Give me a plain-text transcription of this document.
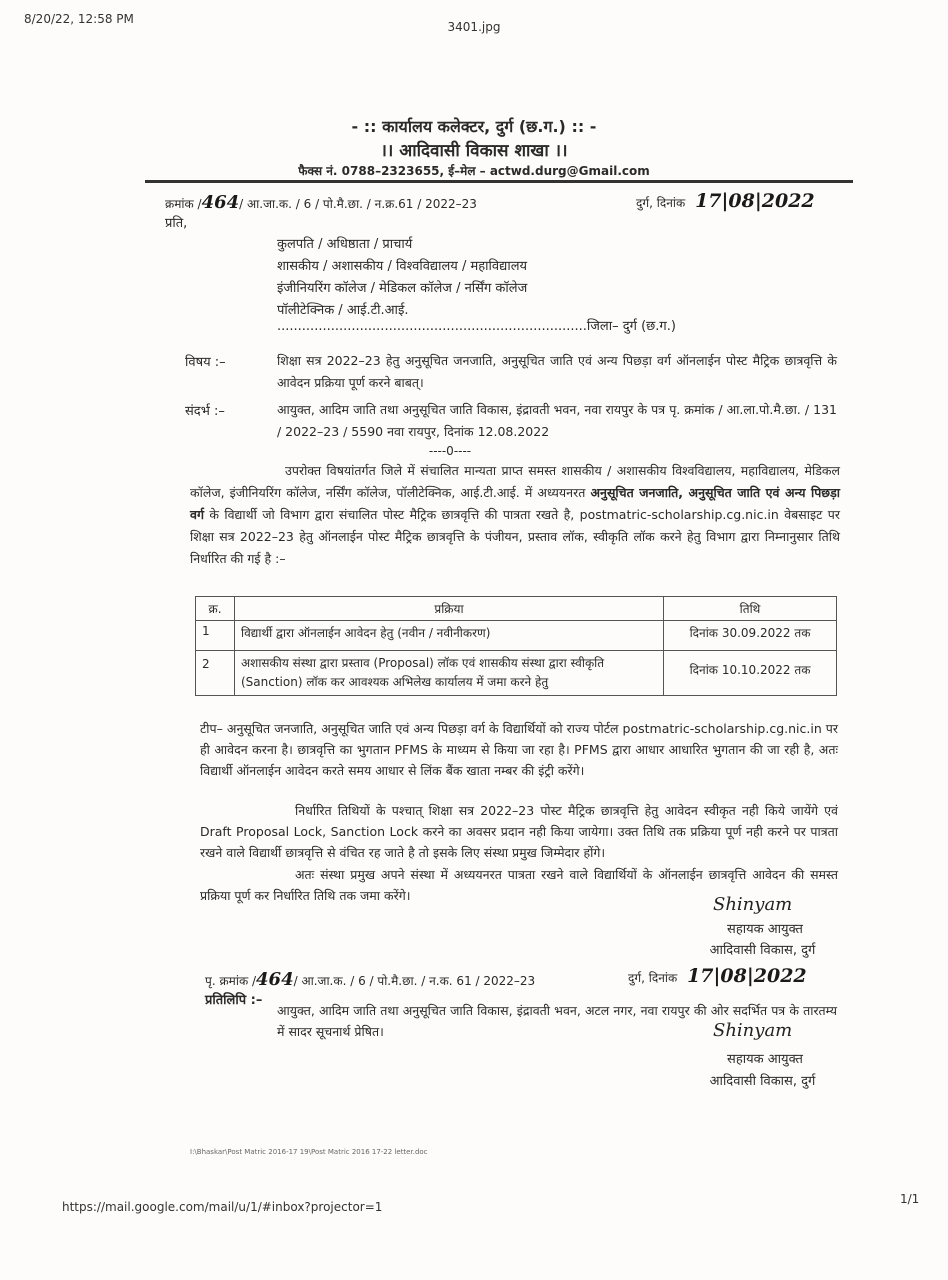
8/20/22, 12:58 PM
3401.jpg
- :: कार्यालय कलेक्टर, दुर्ग (छ.ग.) :: -
।। आदिवासी विकास शाखा ।।
फैक्स नं. 0788–2323655, ई–मेल – actwd.durg@Gmail.com
क्रमांक /464/ आ.जा.क. / 6 / पो.मै.छा. / न.क्र.61 / 2022–23	दुर्ग, दिनांक 17|08|2022
प्रति,
कुलपति / अधिष्ठाता / प्राचार्य
शासकीय / अशासकीय / विश्वविद्यालय / महाविद्यालय
इंजीनियरिंग कॉलेज / मेडिकल कॉलेज / नर्सिंग कॉलेज
पॉलीटेक्निक / आई.टी.आई.
...........................................................................जिला– दुर्ग (छ.ग.)
विषय :–	शिक्षा सत्र 2022–23 हेतु अनुसूचित जनजाति, अनुसूचित जाति एवं अन्य पिछड़ा वर्ग ऑनलाईन पोस्ट मैट्रिक छात्रवृत्ति के आवेदन प्रक्रिया पूर्ण करने बाबत्।
संदर्भ :–	आयुक्त, आदिम जाति तथा अनुसूचित जाति विकास, इंद्रावती भवन, नवा रायपुर के पत्र पृ. क्रमांक / आ.ला.पो.मै.छा. / 131 / 2022–23 / 5590 नवा रायपुर, दिनांक 12.08.2022
----0----
उपरोक्त विषयांतर्गत जिले में संचालित मान्यता प्राप्त समस्त शासकीय / अशासकीय विश्वविद्यालय, महाविद्यालय, मेडिकल कॉलेज, इंजीनियरिंग कॉलेज, नर्सिंग कॉलेज, पॉलीटेक्निक, आई.टी.आई. में अध्ययनरत अनुसूचित जनजाति, अनुसूचित जाति एवं अन्य पिछड़ा वर्ग के विद्यार्थी जो विभाग द्वारा संचालित पोस्ट मैट्रिक छात्रवृत्ति की पात्रता रखते है, postmatric-scholarship.cg.nic.in वेबसाइट पर शिक्षा सत्र 2022–23 हेतु ऑनलाईन पोस्ट मैट्रिक छात्रवृत्ति के पंजीयन, प्रस्ताव लॉक, स्वीकृति लॉक करने हेतु विभाग द्वारा निम्नानुसार तिथि निर्धारित की गई है :–
क्र.	प्रक्रिया	तिथि
1	विद्यार्थी द्वारा ऑनलाईन आवेदन हेतु (नवीन / नवीनीकरण)	दिनांक 30.09.2022 तक
2	अशासकीय संस्था द्वारा प्रस्ताव (Proposal) लॉक एवं शासकीय संस्था द्वारा स्वीकृति (Sanction) लॉक कर आवश्यक अभिलेख कार्यालय में जमा करने हेतु	दिनांक 10.10.2022 तक
टीप– अनुसूचित जनजाति, अनुसूचित जाति एवं अन्य पिछड़ा वर्ग के विद्यार्थियों को राज्य पोर्टल postmatric-scholarship.cg.nic.in पर ही आवेदन करना है। छात्रवृत्ति का भुगतान PFMS के माध्यम से किया जा रहा है। PFMS द्वारा आधार आधारित भुगतान की जा रही है, अतः विद्यार्थी ऑनलाईन आवेदन करते समय आधार से लिंक बैंक खाता नम्बर की इंट्री करेंगे।
निर्धारित तिथियों के पश्चात् शिक्षा सत्र 2022–23 पोस्ट मैट्रिक छात्रवृत्ति हेतु आवेदन स्वीकृत नही किये जायेंगे एवं Draft Proposal Lock, Sanction Lock करने का अवसर प्रदान नही किया जायेगा। उक्त तिथि तक प्रक्रिया पूर्ण नही करने पर पात्रता रखने वाले विद्यार्थी छात्रवृत्ति से वंचित रह जाते है तो इसके लिए संस्था प्रमुख जिम्मेदार होंगे।
अतः संस्था प्रमुख अपने संस्था में अध्ययनरत पात्रता रखने वाले विद्यार्थियों के ऑनलाईन छात्रवृत्ति आवेदन की समस्त प्रक्रिया पूर्ण कर निर्धारित तिथि तक जमा करेंगे।	Shinyam
सहायक आयुक्त
आदिवासी विकास, दुर्ग
पृ. क्रमांक /464/ आ.जा.क. / 6 / पो.मै.छा. / न.क. 61 / 2022–23	दुर्ग, दिनांक 17|08|2022
प्रतिलिपि :–
आयुक्त, आदिम जाति तथा अनुसूचित जाति विकास, इंद्रावती भवन, अटल नगर, नवा रायपुर की ओर सदर्भित पत्र के तारतम्य में सादर सूचनार्थ प्रेषित।	Shinyam
सहायक आयुक्त
आदिवासी विकास, दुर्ग
I:\Bhaskar\Post Matric 2016-17 19\Post Matric 2016 17-22 letter.doc
https://mail.google.com/mail/u/1/#inbox?projector=1
1/1
